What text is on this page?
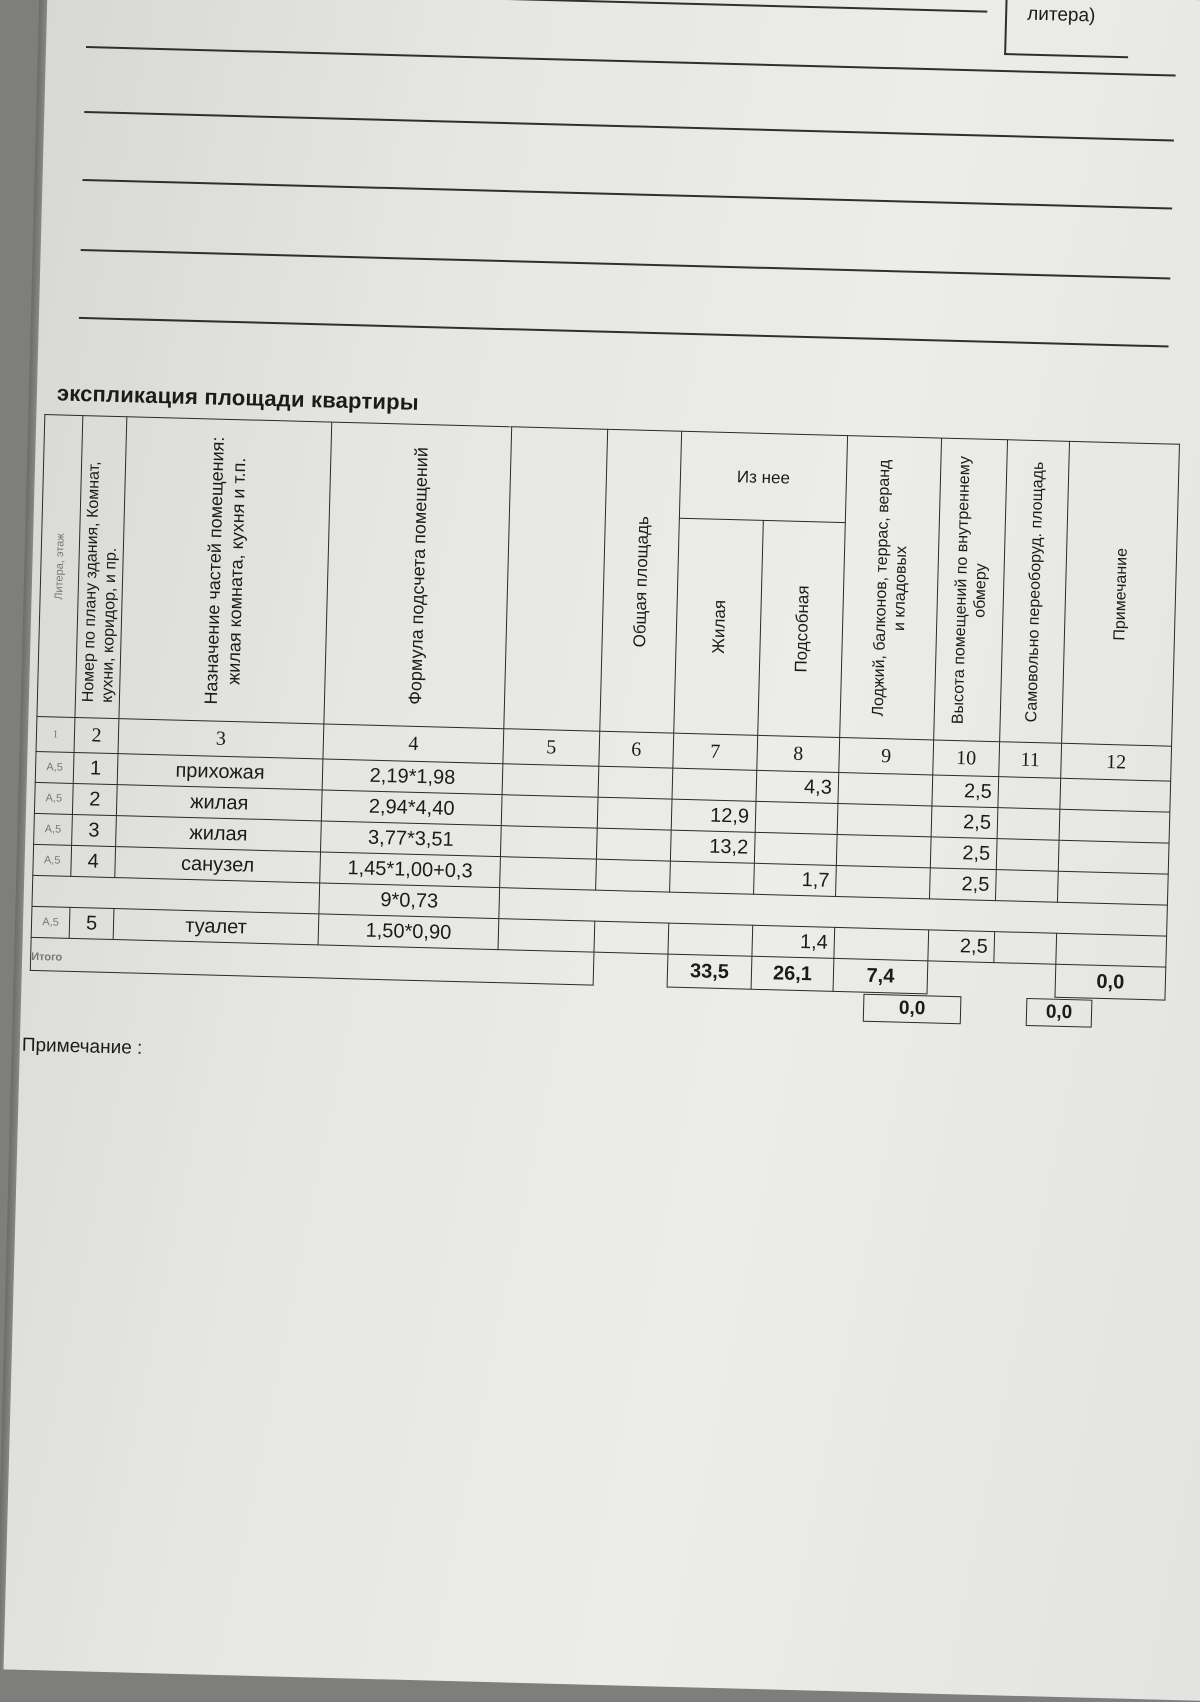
литера)
экспликация площади квартиры
Литера, этаж	Номер по плану здания, Комнат, кухни, коридор, и пр.	Назначение частей помещения: жилая комната, кухня и т.п.	Формула подсчета помещений		Общая площадь	Из нее		Лоджий, балконов, террас, веранд и кладовых	Высота помещений по внутреннему обмеру	Самовольно переоборуд. площадь	Примечание

						Жилая	Подсобная				

1	2	3	4	5	6	7	8	9	10	11	12
А,5	1	прихожая	2,19*1,98				4,3		2,5		
А,5	2	жилая	2,94*4,40			12,9			2,5		
А,5	3	жилая	3,77*3,51			13,2			2,5		
А,5	4	санузел	1,45*1,00+0,3				1,7		2,5		
			9*0,73								
А,5	5	туалет	1,50*0,90				1,4		2,5		
Итого						33,5	26,1	7,4			0,0
0,0	0,0
Примечание :
